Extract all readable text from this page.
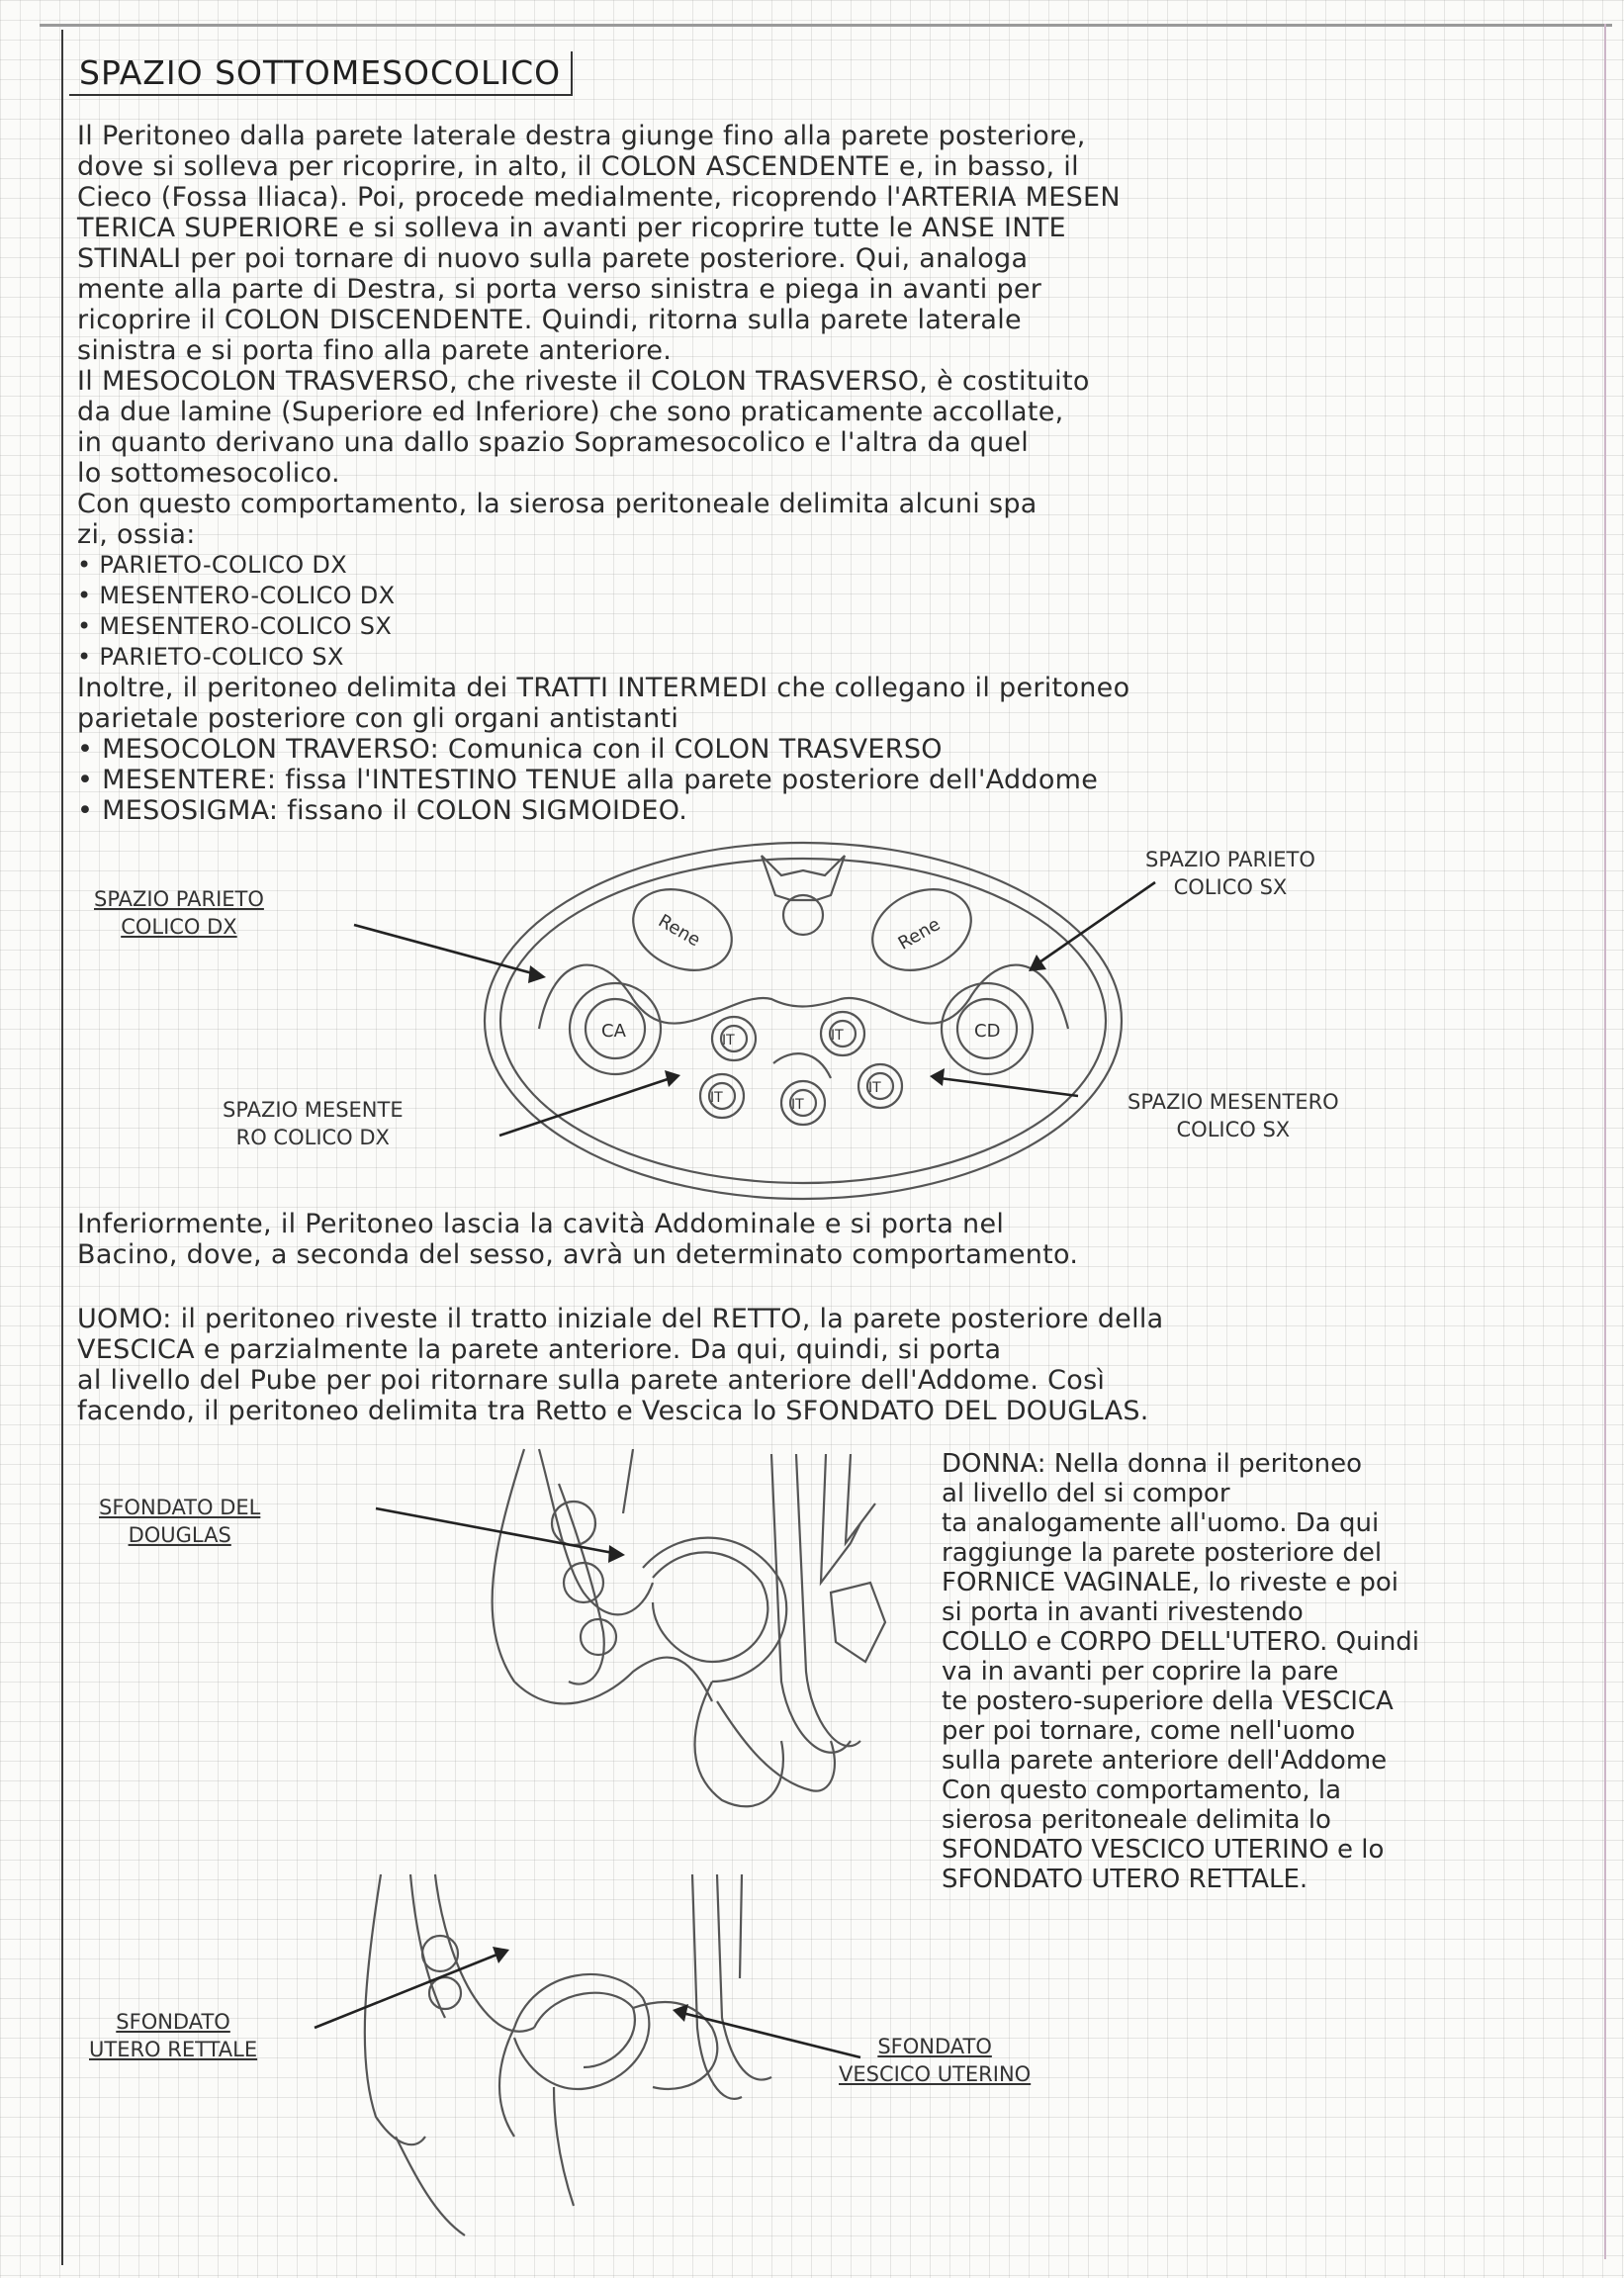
SPAZIO SOTTOMESOCOLICO
Il Peritoneo dalla parete laterale destra giunge fino alla parete posteriore,
dove si solleva per ricoprire, in alto, il COLON ASCENDENTE e, in basso, il
Cieco (Fossa Iliaca). Poi, procede medialmente, ricoprendo l'ARTERIA MESEN
TERICA SUPERIORE e si solleva in avanti per ricoprire tutte le ANSE INTE
STINALI per poi tornare di nuovo sulla parete posteriore. Qui, analoga
mente alla parte di Destra, si porta verso sinistra e piega in avanti per
ricoprire il COLON DISCENDENTE. Quindi, ritorna sulla parete laterale
sinistra e si porta fino alla parete anteriore.
Il MESOCOLON TRASVERSO, che riveste il COLON TRASVERSO, è costituito
da due lamine (Superiore ed Inferiore) che sono praticamente accollate,
in quanto derivano una dallo spazio Sopramesocolico e l'altra da quel
lo sottomesocolico.
Con questo comportamento, la sierosa peritoneale delimita alcuni spa
zi, ossia:
• PARIETO-COLICO DX
• MESENTERO-COLICO DX
• MESENTERO-COLICO SX
• PARIETO-COLICO SX
Inoltre, il peritoneo delimita dei TRATTI INTERMEDI che collegano il peritoneo
parietale posteriore con gli organi antistanti
• MESOCOLON TRAVERSO: Comunica con il COLON TRASVERSO
• MESENTERE: fissa l'INTESTINO TENUE alla parete posteriore dell'Addome
• MESOSIGMA: fissano il COLON SIGMOIDEO.
Rene	Rene
CA	CD
IT	IT
IT	IT
IT
SPAZIO PARIETO
COLICO DX
SPAZIO PARIETO
COLICO SX
SPAZIO MESENTE
RO COLICO DX
SPAZIO MESENTERO
COLICO SX
Inferiormente, il Peritoneo lascia la cavità Addominale e si porta nel
Bacino, dove, a seconda del sesso, avrà un determinato comportamento.
UOMO: il peritoneo riveste il tratto iniziale del RETTO, la parete posteriore della
VESCICA e parzialmente la parete anteriore. Da qui, quindi, si porta
al livello del Pube per poi ritornare sulla parete anteriore dell'Addome. Così
facendo, il peritoneo delimita tra Retto e Vescica lo SFONDATO DEL DOUGLAS.
SFONDATO DEL
DOUGLAS
DONNA: Nella donna il peritoneo
al livello del si compor
ta analogamente all'uomo. Da qui
raggiunge la parete posteriore del
FORNICE VAGINALE, lo riveste e poi
si porta in avanti rivestendo
COLLO e CORPO DELL'UTERO. Quindi
va in avanti per coprire la pare
te postero-superiore della VESCICA
per poi tornare, come nell'uomo
sulla parete anteriore dell'Addome
Con questo comportamento, la
sierosa peritoneale delimita lo
SFONDATO VESCICO UTERINO e lo
SFONDATO UTERO RETTALE.
SFONDATO
UTERO RETTALE	SFONDATO
VESCICO UTERINO
